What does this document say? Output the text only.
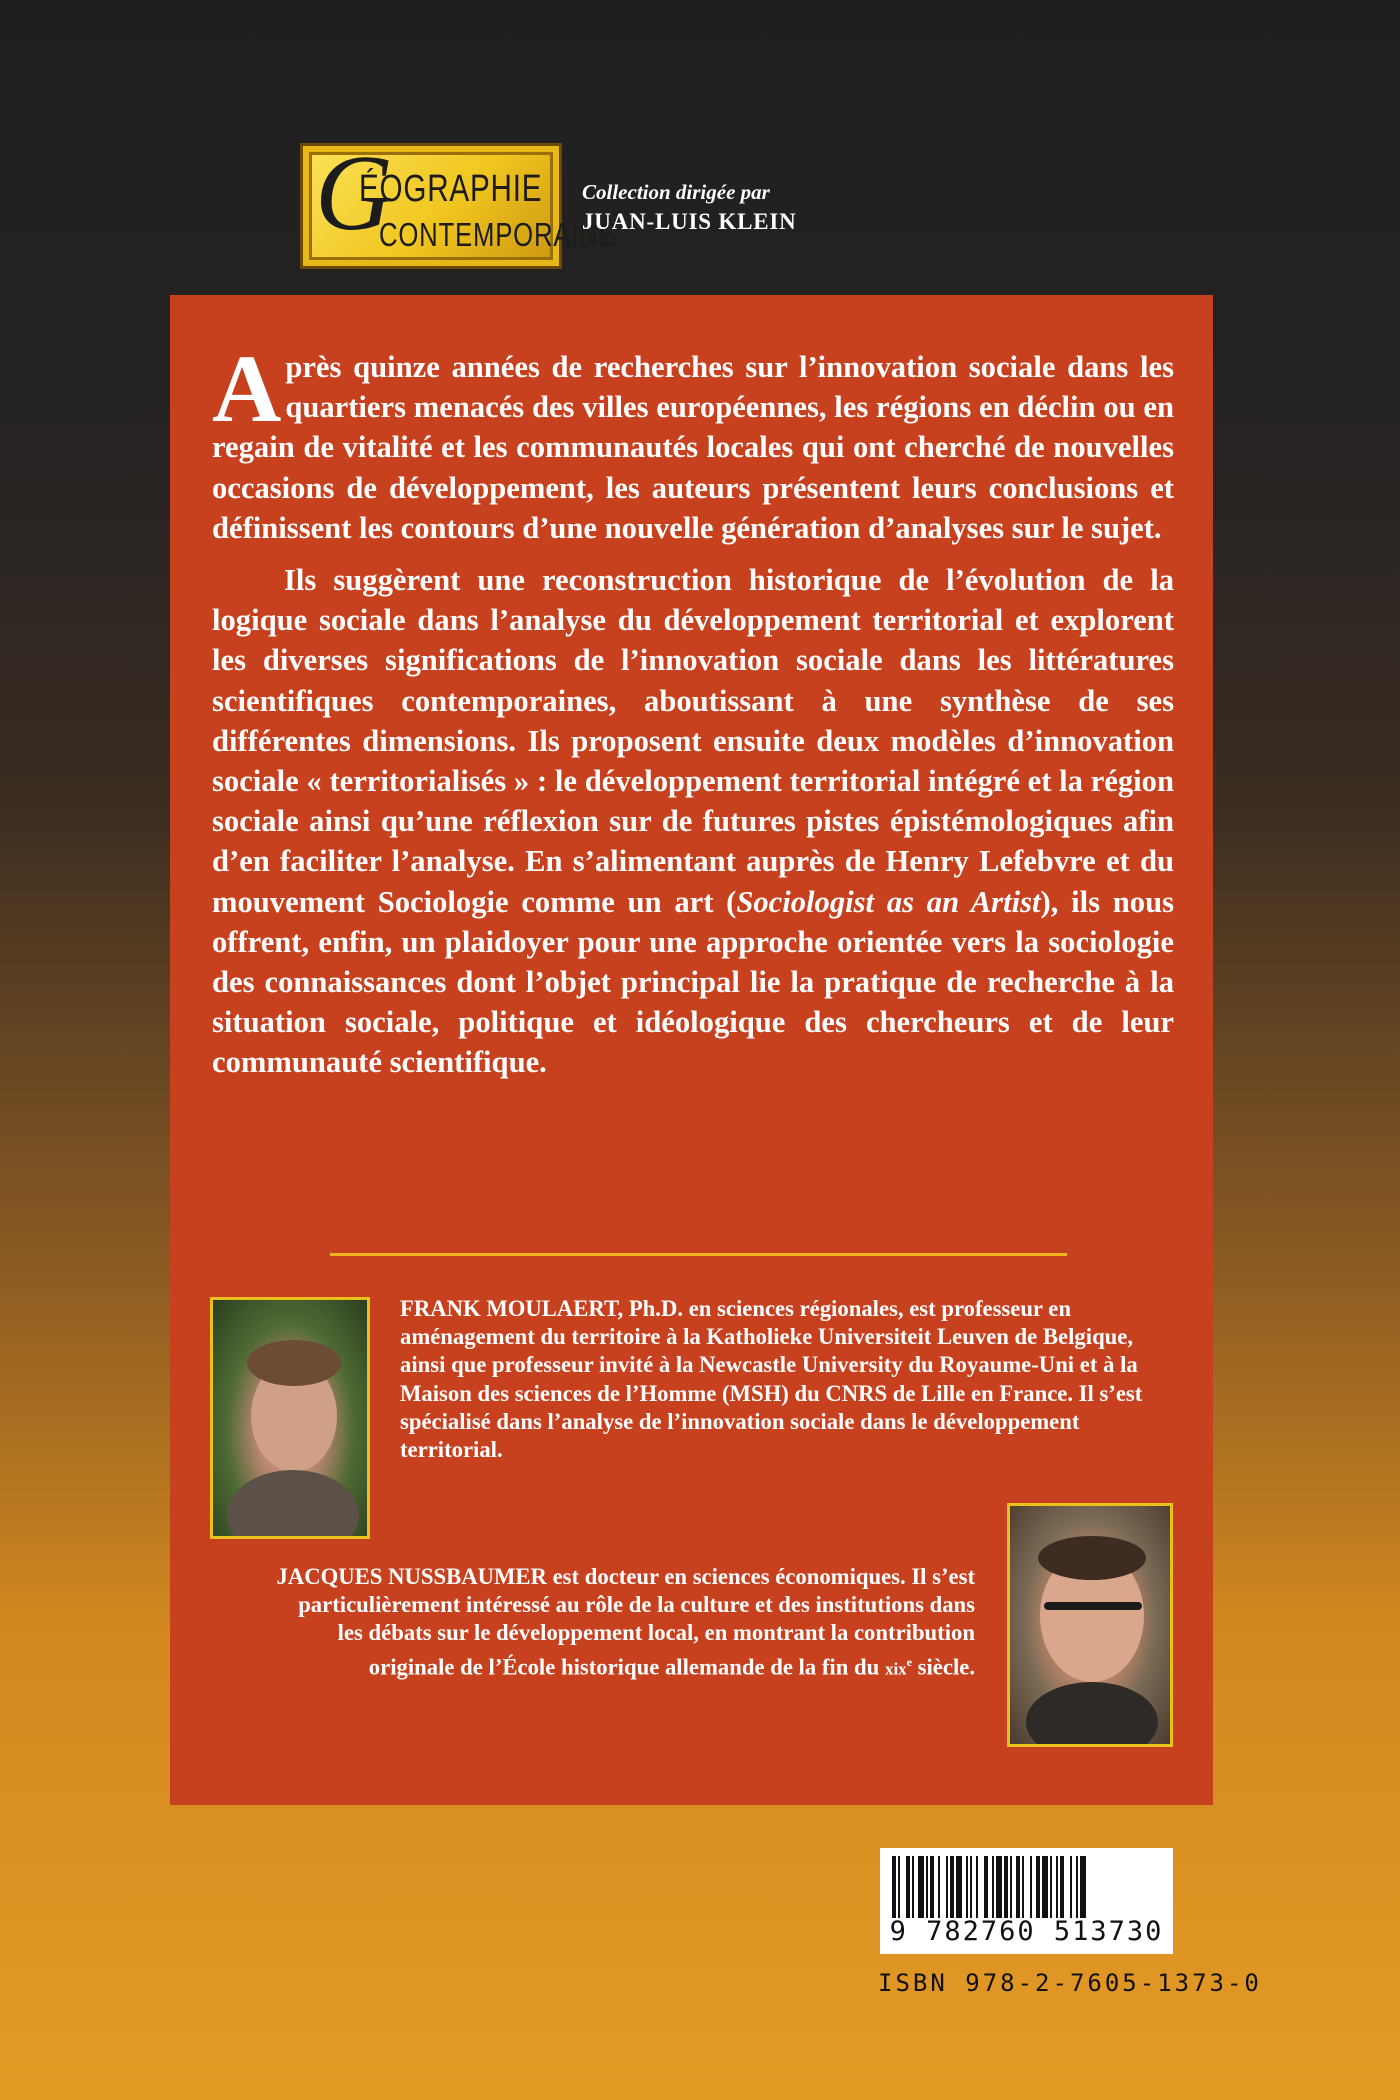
G
ÉOGRAPHIE
CONTEMPORAINE
Collection dirigée par
JUAN-LUIS KLEIN

Après quinze années de recherches sur l’innovation sociale dans les quartiers menacés des villes européennes, les régions en déclin ou en regain de vitalité et les communautés locales qui ont cherché de nouvelles occasions de développement, les auteurs présentent leurs conclusions et définissent les contours d’une nouvelle génération d’analyses sur le sujet.

Ils suggèrent une reconstruction historique de l’évolution de la logique sociale dans l’analyse du développement territorial et explorent les diverses significations de l’innovation sociale dans les littératures scientifiques contemporaines, aboutissant à une synthèse de ses différentes dimensions. Ils proposent ensuite deux modèles d’innovation sociale « territorialisés » : le développement territorial intégré et la région sociale ainsi qu’une réflexion sur de futures pistes épistémologiques afin d’en faciliter l’analyse. En s’alimentant auprès de Henry Lefebvre et du mouvement Sociologie comme un art (Sociologist as an Artist), ils nous offrent, enfin, un plaidoyer pour une approche orientée vers la sociologie des connaissances dont l’objet principal lie la pratique de recherche à la situation sociale, politique et idéologique des chercheurs et de leur communauté scientifique.

FRANK MOULAERT, Ph.D. en sciences régionales, est professeur en aménagement du territoire à la Katholieke Universiteit Leuven de Belgique, ainsi que professeur invité à la Newcastle University du Royaume-Uni et à la Maison des sciences de l’Homme (MSH) du CNRS de Lille en France. Il s’est spécialisé dans l’analyse de l’innovation sociale dans le développement territorial.

JACQUES NUSSBAUMER est docteur en sciences économiques. Il s’est particulièrement intéressé au rôle de la culture et des institutions dans les débats sur le développement local, en montrant la contribution originale de l’École historique allemande de la fin du xix$^e$ siècle.

9 782760 513730
ISBN 978-2-7605-1373-0
